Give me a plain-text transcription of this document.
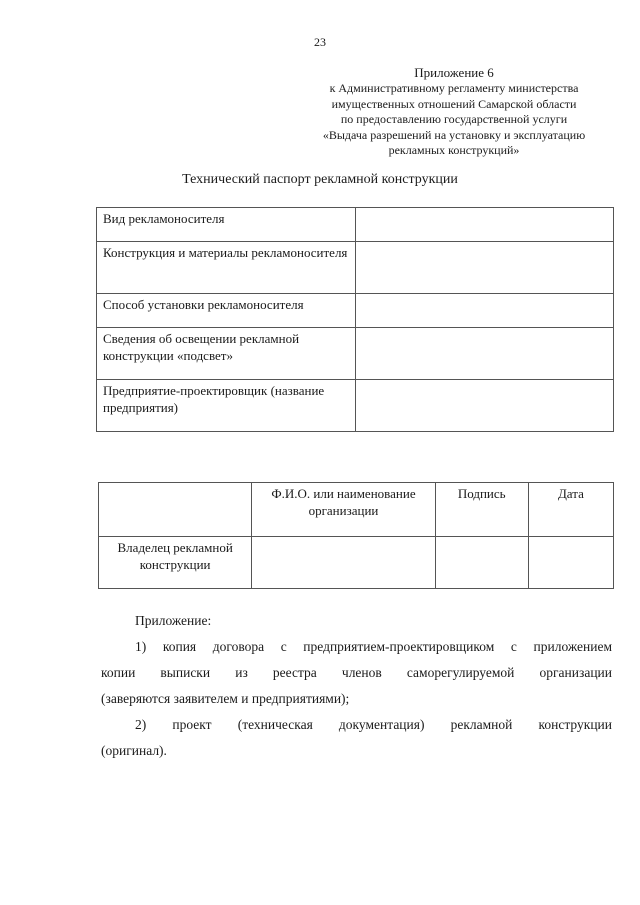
23
Приложение 6
к Административному регламенту министерства
имущественных отношений Самарской области
по предоставлению государственной услуги
«Выдача разрешений на установку и эксплуатацию
рекламных конструкций»
Технический паспорт рекламной конструкции
Вид рекламоносителя	
Конструкция и материалы рекламоносителя	
Способ установки рекламоносителя	
Сведения об освещении рекламной конструкции «подсвет»	
Предприятие-проектировщик (название предприятия)	
	Ф.И.О. или наименование организации	Подпись	Дата
Владелец рекламной конструкции			

Приложение:

1) копия договора с предприятием-проектировщиком с приложением

копии выписки из реестра членов саморегулируемой организации

(заверяются заявителем и предприятиями);

2) проект (техническая документация) рекламной конструкции

(оригинал).
